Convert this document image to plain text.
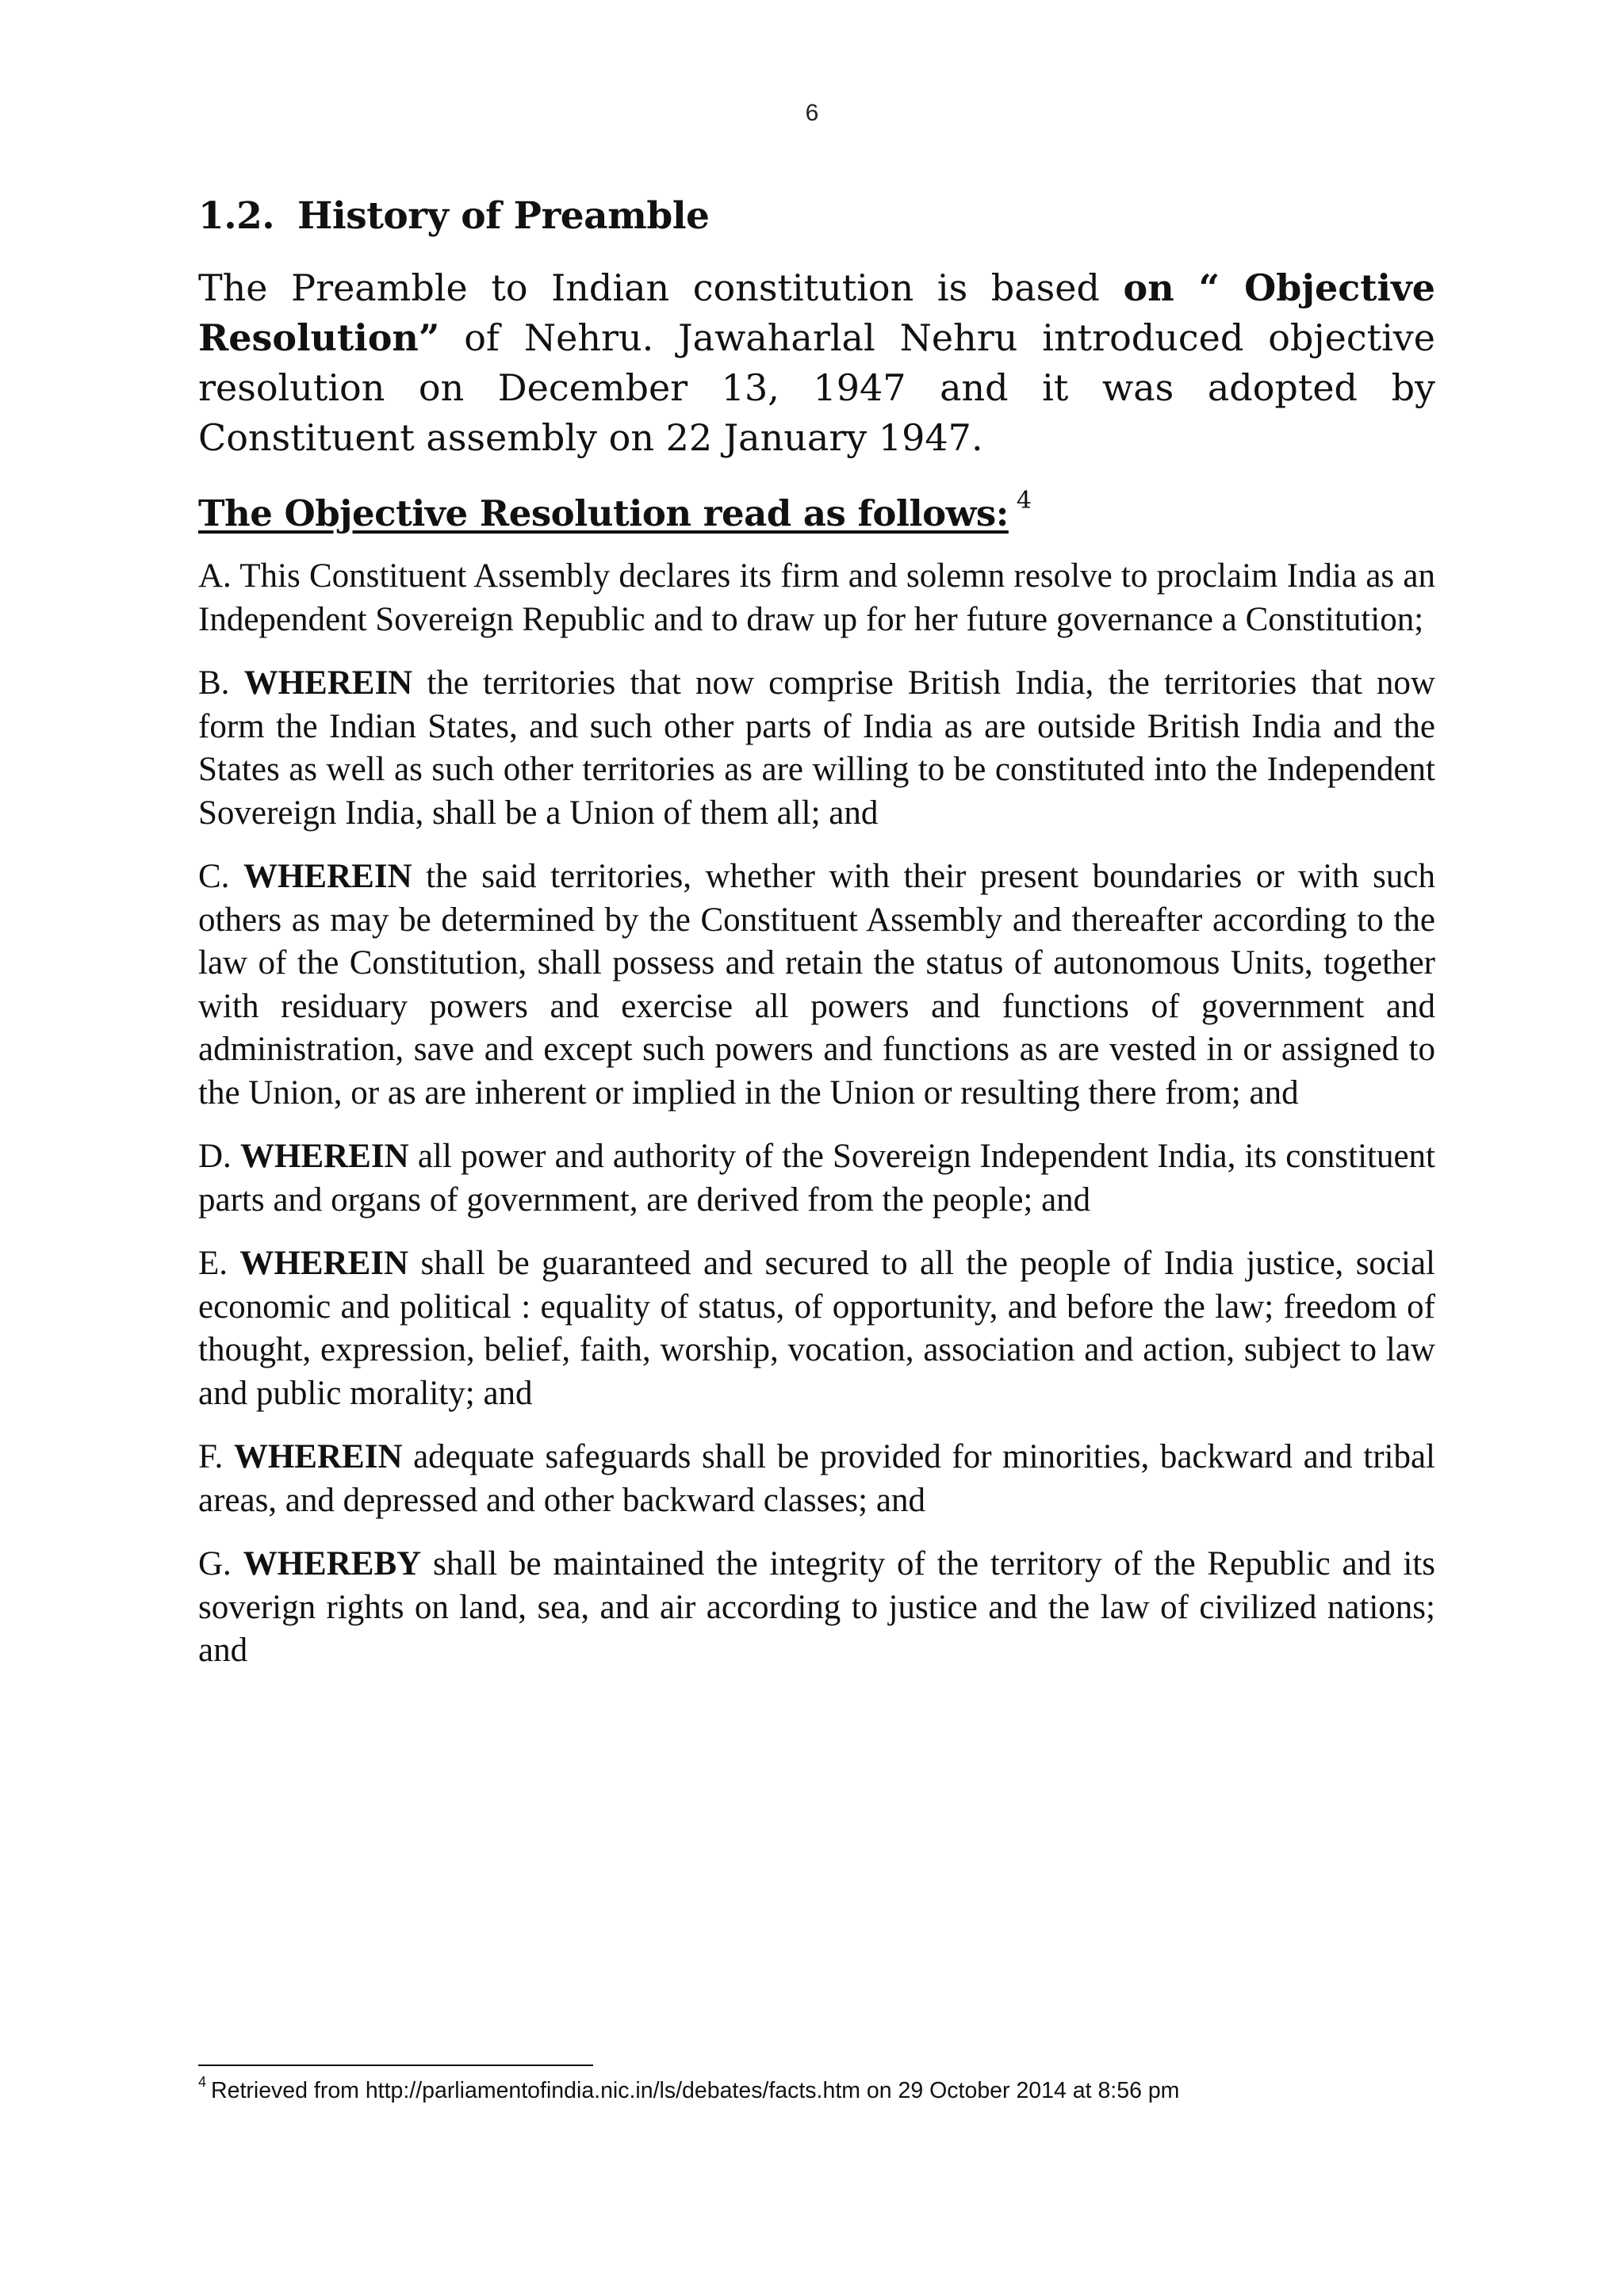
6
1.2. History of Preamble

The Preamble to Indian constitution is based on “ Objective Resolution” of Nehru. Jawaharlal Nehru introduced objective resolution on December 13, 1947 and it was adopted by Constituent assembly on 22 January 1947.

The Objective Resolution read as follows: $^4$

A. This Constituent Assembly declares its firm and solemn resolve to proclaim India as an Independent Sovereign Republic and to draw up for her future governance a Constitution;

B. WHEREIN the territories that now comprise British India, the territories that now form the Indian States, and such other parts of India as are outside British India and the States as well as such other territories as are willing to be constituted into the Independent Sovereign India, shall be a Union of them all; and

C. WHEREIN the said territories, whether with their present boundaries or with such others as may be determined by the Constituent Assembly and thereafter according to the law of the Constitution, shall possess and retain the status of autonomous Units, together with residuary powers and exercise all powers and functions of government and administration, save and except such powers and functions as are vested in or assigned to the Union, or as are inherent or implied in the Union or resulting there from; and

D. WHEREIN all power and authority of the Sovereign Independent India, its constituent parts and organs of government, are derived from the people; and

E. WHEREIN shall be guaranteed and secured to all the people of India justice, social economic and political : equality of status, of opportunity, and before the law; freedom of thought, expression, belief, faith, worship, vocation, association and action, subject to law and public morality; and

F. WHEREIN adequate safeguards shall be provided for minorities, backward and tribal areas, and depressed and other backward classes; and

G. WHEREBY shall be maintained the integrity of the territory of the Republic and its soverign rights on land, sea, and air according to justice and the law of civilized nations; and

$^4$ Retrieved from http://parliamentofindia.nic.in/ls/debates/facts.htm on 29 October 2014 at 8:56 pm
